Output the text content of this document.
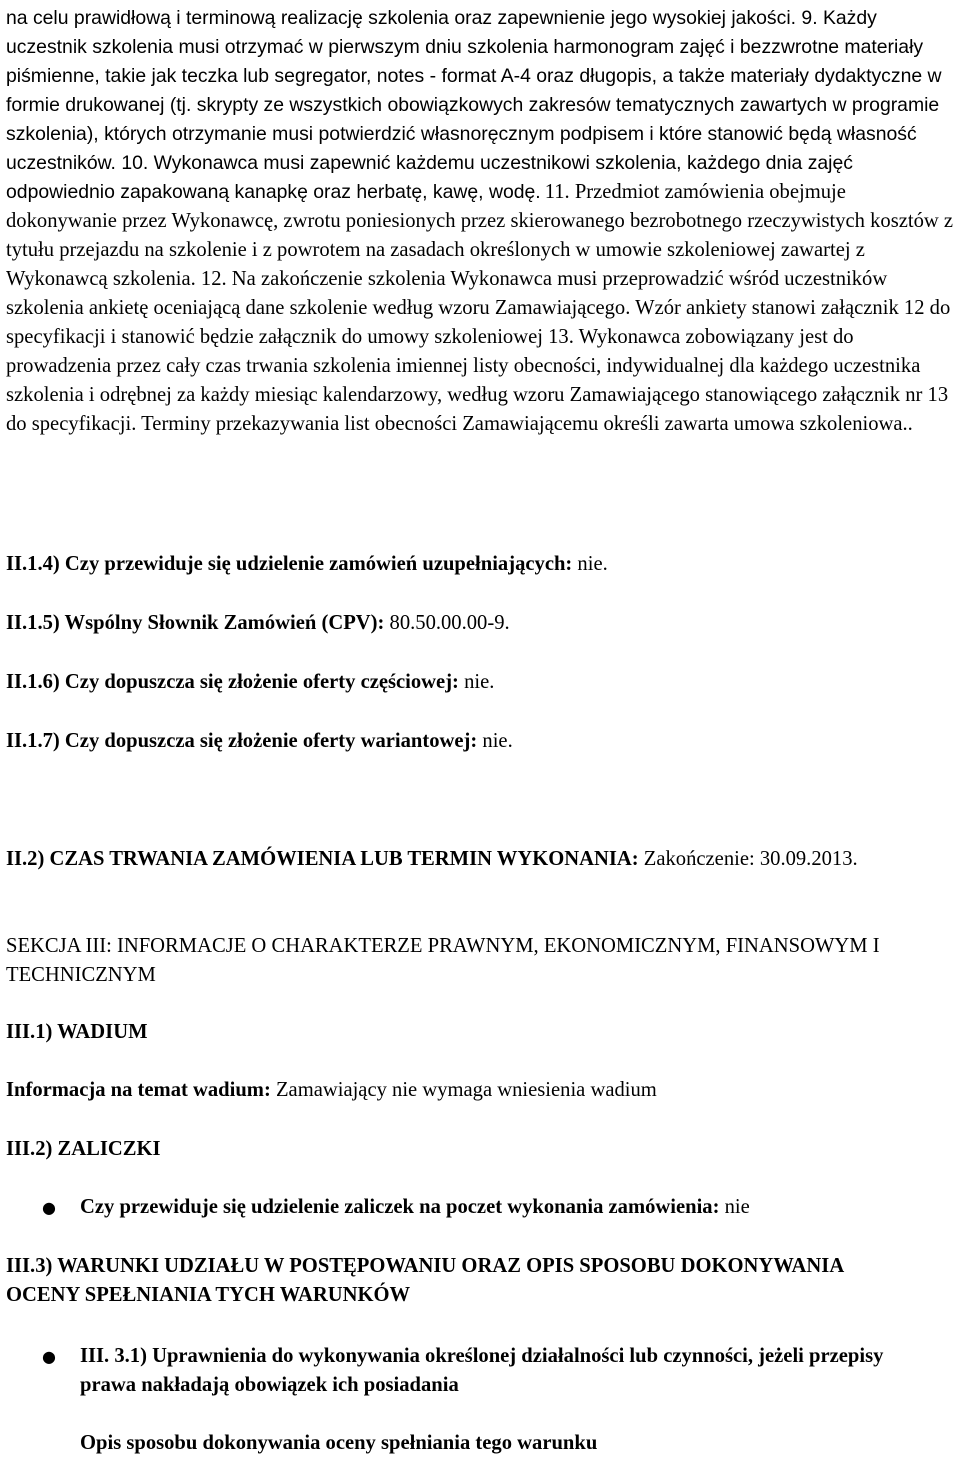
na celu prawidłową i terminową realizację szkolenia oraz zapewnienie jego wysokiej jakości. 9. Każdy uczestnik szkolenia musi otrzymać w pierwszym dniu szkolenia harmonogram zajęć i bezzwrotne materiały piśmienne, takie jak teczka lub segregator, notes - format A-4 oraz długopis, a także materiały dydaktyczne w formie drukowanej (tj. skrypty ze wszystkich obowiązkowych zakresów tematycznych zawartych w programie szkolenia), których otrzymanie musi potwierdzić własnoręcznym podpisem i które stanowić będą własność uczestników. 10. Wykonawca musi zapewnić każdemu uczestnikowi szkolenia, każdego dnia zajęć odpowiednio zapakowaną kanapkę oraz herbatę, kawę, wodę. 11. Przedmiot zamówienia obejmuje dokonywanie przez Wykonawcę, zwrotu poniesionych przez skierowanego bezrobotnego rzeczywistych kosztów z tytułu przejazdu na szkolenie i z powrotem na zasadach określonych w umowie szkoleniowej zawartej z Wykonawcą szkolenia. 12. Na zakończenie szkolenia Wykonawca musi przeprowadzić wśród uczestników szkolenia ankietę oceniającą dane szkolenie według wzoru Zamawiającego. Wzór ankiety stanowi załącznik 12 do specyfikacji i stanowić będzie załącznik do umowy szkoleniowej 13. Wykonawca zobowiązany jest do prowadzenia przez cały czas trwania szkolenia imiennej listy obecności, indywidualnej dla każdego uczestnika szkolenia i odrębnej za każdy miesiąc kalendarzowy, według wzoru Zamawiającego stanowiącego załącznik nr 13 do specyfikacji. Terminy przekazywania list obecności Zamawiającemu określi zawarta umowa szkoleniowa..

II.1.4) Czy przewiduje się udzielenie zamówień uzupełniających: nie.

II.1.5) Wspólny Słownik Zamówień (CPV): 80.50.00.00-9.

II.1.6) Czy dopuszcza się złożenie oferty częściowej: nie.

II.1.7) Czy dopuszcza się złożenie oferty wariantowej: nie.

II.2) CZAS TRWANIA ZAMÓWIENIA LUB TERMIN WYKONANIA: Zakończenie: 30.09.2013.

SEKCJA III: INFORMACJE O CHARAKTERZE PRAWNYM, EKONOMICZNYM, FINANSOWYM I TECHNICZNYM

III.1) WADIUM

Informacja na temat wadium: Zamawiający nie wymaga wniesienia wadium

III.2) ZALICZKI

● Czy przewiduje się udzielenie zaliczek na poczet wykonania zamówienia: nie

III.3) WARUNKI UDZIAŁU W POSTĘPOWANIU ORAZ OPIS SPOSOBU DOKONYWANIA OCENY SPEŁNIANIA TYCH WARUNKÓW

● III. 3.1) Uprawnienia do wykonywania określonej działalności lub czynności, jeżeli przepisy prawa nakładają obowiązek ich posiadania

Opis sposobu dokonywania oceny spełniania tego warunku
